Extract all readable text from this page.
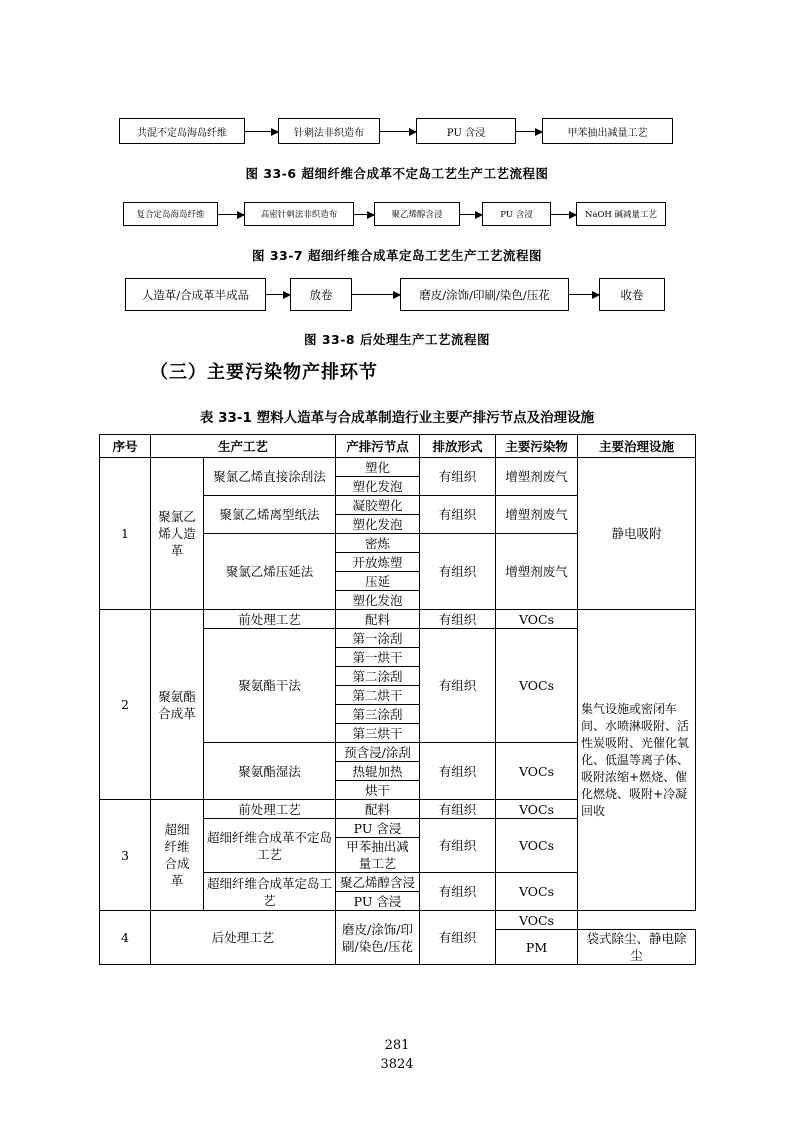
共混不定岛海岛纤维	针刺法非织造布	PU 含浸	甲苯抽出减量工艺
图 33-6 超细纤维合成革不定岛工艺生产工艺流程图
复合定岛海岛纤维	高密针刺法非织造布	聚乙烯醇含浸	PU 含浸	NaOH 碱减量工艺
图 33-7 超细纤维合成革定岛工艺生产工艺流程图
人造革/合成革半成品	放卷	磨皮/涂饰/印刷/染色/压花	收卷
图 33-8 后处理生产工艺流程图
（三）主要污染物产排环节
表 33-1 塑料人造革与合成革制造行业主要产排污节点及治理设施
序号	生产工艺		产排污节点	排放形式	主要污染物	主要治理设施
1	聚氯乙烯人造革	聚氯乙烯直接涂刮法	塑化	有组织	增塑剂废气	静电吸附
			塑化发泡			
		聚氯乙烯离型纸法	凝胶塑化	有组织	增塑剂废气	
			塑化发泡			
		聚氯乙烯压延法	密炼	有组织	增塑剂废气	
			开放炼塑			
			压延			
			塑化发泡			
2	聚氨酯合成革	前处理工艺	配料	有组织	VOCs	集气设施或密闭车间、水喷淋吸附、活性炭吸附、光催化氧化、低温等离子体、吸附浓缩+燃烧、催化燃烧、吸附+冷凝回收
		聚氨酯干法	第一涂刮	有组织	VOCs	
			第一烘干			
			第二涂刮			
			第二烘干			
			第三涂刮			
			第三烘干			
		聚氨酯湿法	预含浸/涂刮	有组织	VOCs	
			热辊加热			
			烘干			
3	超细纤维合成革	前处理工艺	配料	有组织	VOCs	
		超细纤维合成革不定岛工艺	PU 含浸	有组织	VOCs	
			甲苯抽出减量工艺			

		超细纤维合成革定岛工艺	聚乙烯醇含浸	有组织	VOCs	

			PU 含浸			
4	后处理工艺		磨皮/涂饰/印刷/染色/压花	有组织	VOCs	
					PM	袋式除尘、静电除尘

281
3824
